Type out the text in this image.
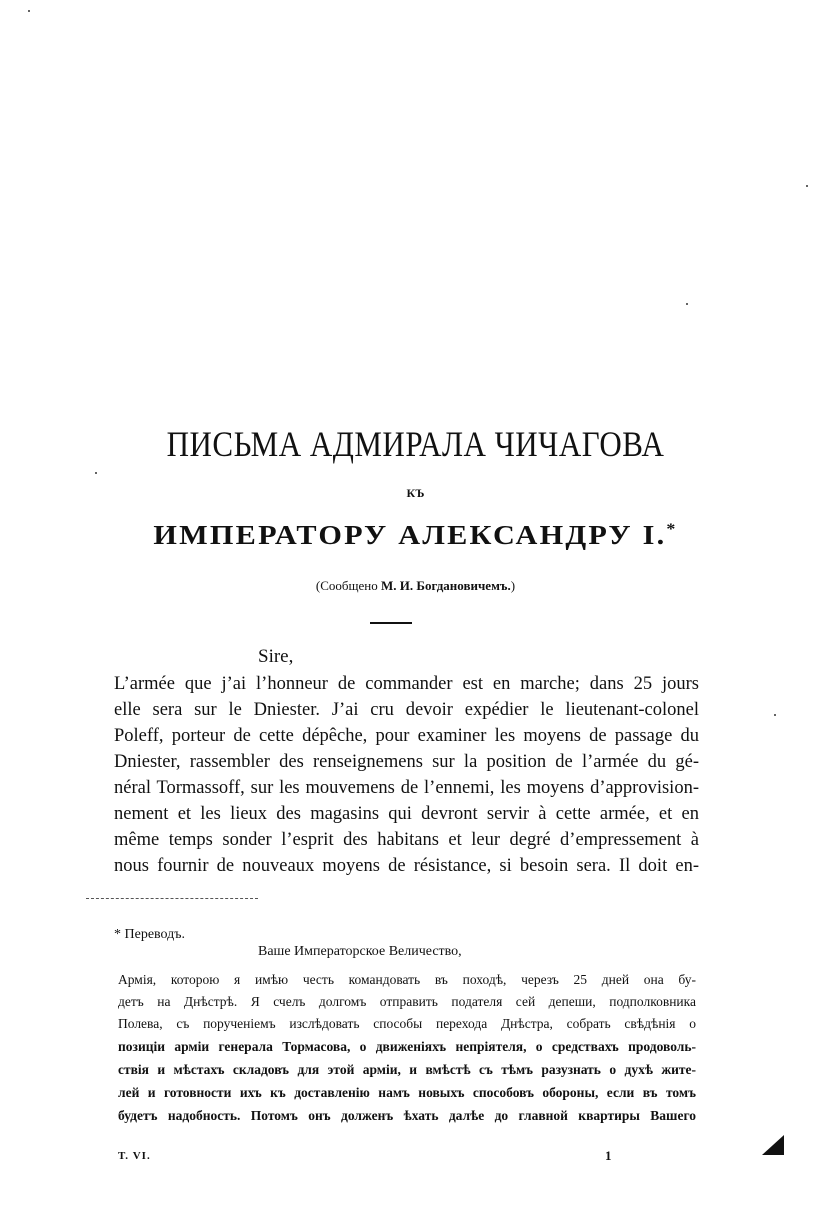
ПИСЬМА АДМИРАЛА ЧИЧАГОВА
КЪ
ИМПЕРАТОРУ АЛЕКСАНДРУ I.*
(Сообщено М. И. Богдановичемъ.)
Sire,
L’armée que j’ai l’honneur de commander est en marche; dans 25 jours
elle sera sur le Dniester. J’ai cru devoir expédier le lieutenant-colonel
Poleff, porteur de cette dépêche, pour examiner les moyens de passage du
Dniester, rassembler des renseignemens sur la position de l’armée du gé-
néral Tormassoff, sur les mouvemens de l’ennemi, les moyens d’approvision-
nement et les lieux des magasins qui devront servir à cette armée, et en
même temps sonder l’esprit des habitans et leur degré d’empressement à
nous fournir de nouveaux moyens de résistance, si besoin sera. Il doit en-
* Переводъ.
Ваше Императорское Величество,
Армія, которою я имѣю честь командовать въ походѣ, черезъ 25 дней она бу-
детъ на Днѣстрѣ. Я счелъ долгомъ отправить подателя сей депеши, подполковника
Полева, съ порученіемъ изслѣдовать способы перехода Днѣстра, собрать свѣдѣнія о
позиціи арміи генерала Тормасова, о движеніяхъ непріятеля, о средствахъ продоволь-
ствія и мѣстахъ складовъ для этой арміи, и вмѣстѣ съ тѣмъ разузнать о духѣ жите-
лей и готовности ихъ къ доставленію намъ новыхъ способовъ обороны, если въ томъ
будетъ надобность. Потомъ онъ долженъ ѣхать далѣе до главной квартиры Вашего
Т. VI.	1
